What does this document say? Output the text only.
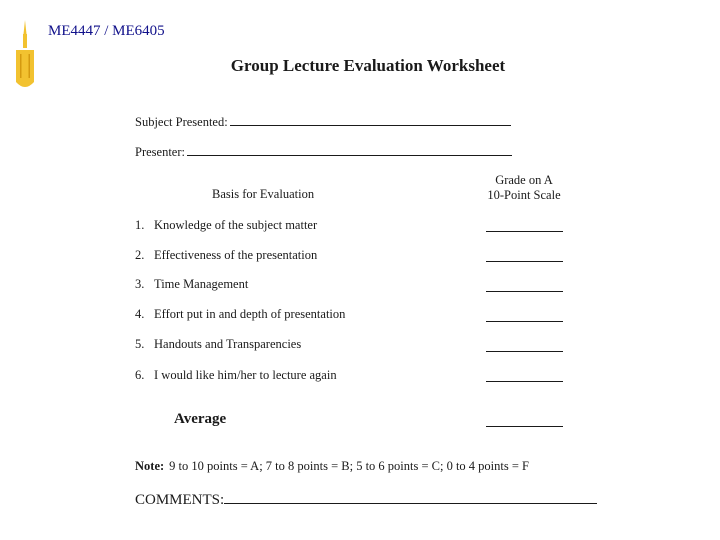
ME4447 / ME6405
Group Lecture Evaluation Worksheet
Subject Presented:
Presenter:
Basis for Evaluation
Grade on A
10-Point Scale
1. Knowledge of the subject matter
2. Effectiveness of the presentation
3. Time Management
4. Effort put in and depth of presentation
5. Handouts and Transparencies
6. I would like him/her to lecture again
Average
Note: 9 to 10 points = A; 7 to 8 points = B; 5 to 6 points = C; 0 to 4 points = F
COMMENTS:
